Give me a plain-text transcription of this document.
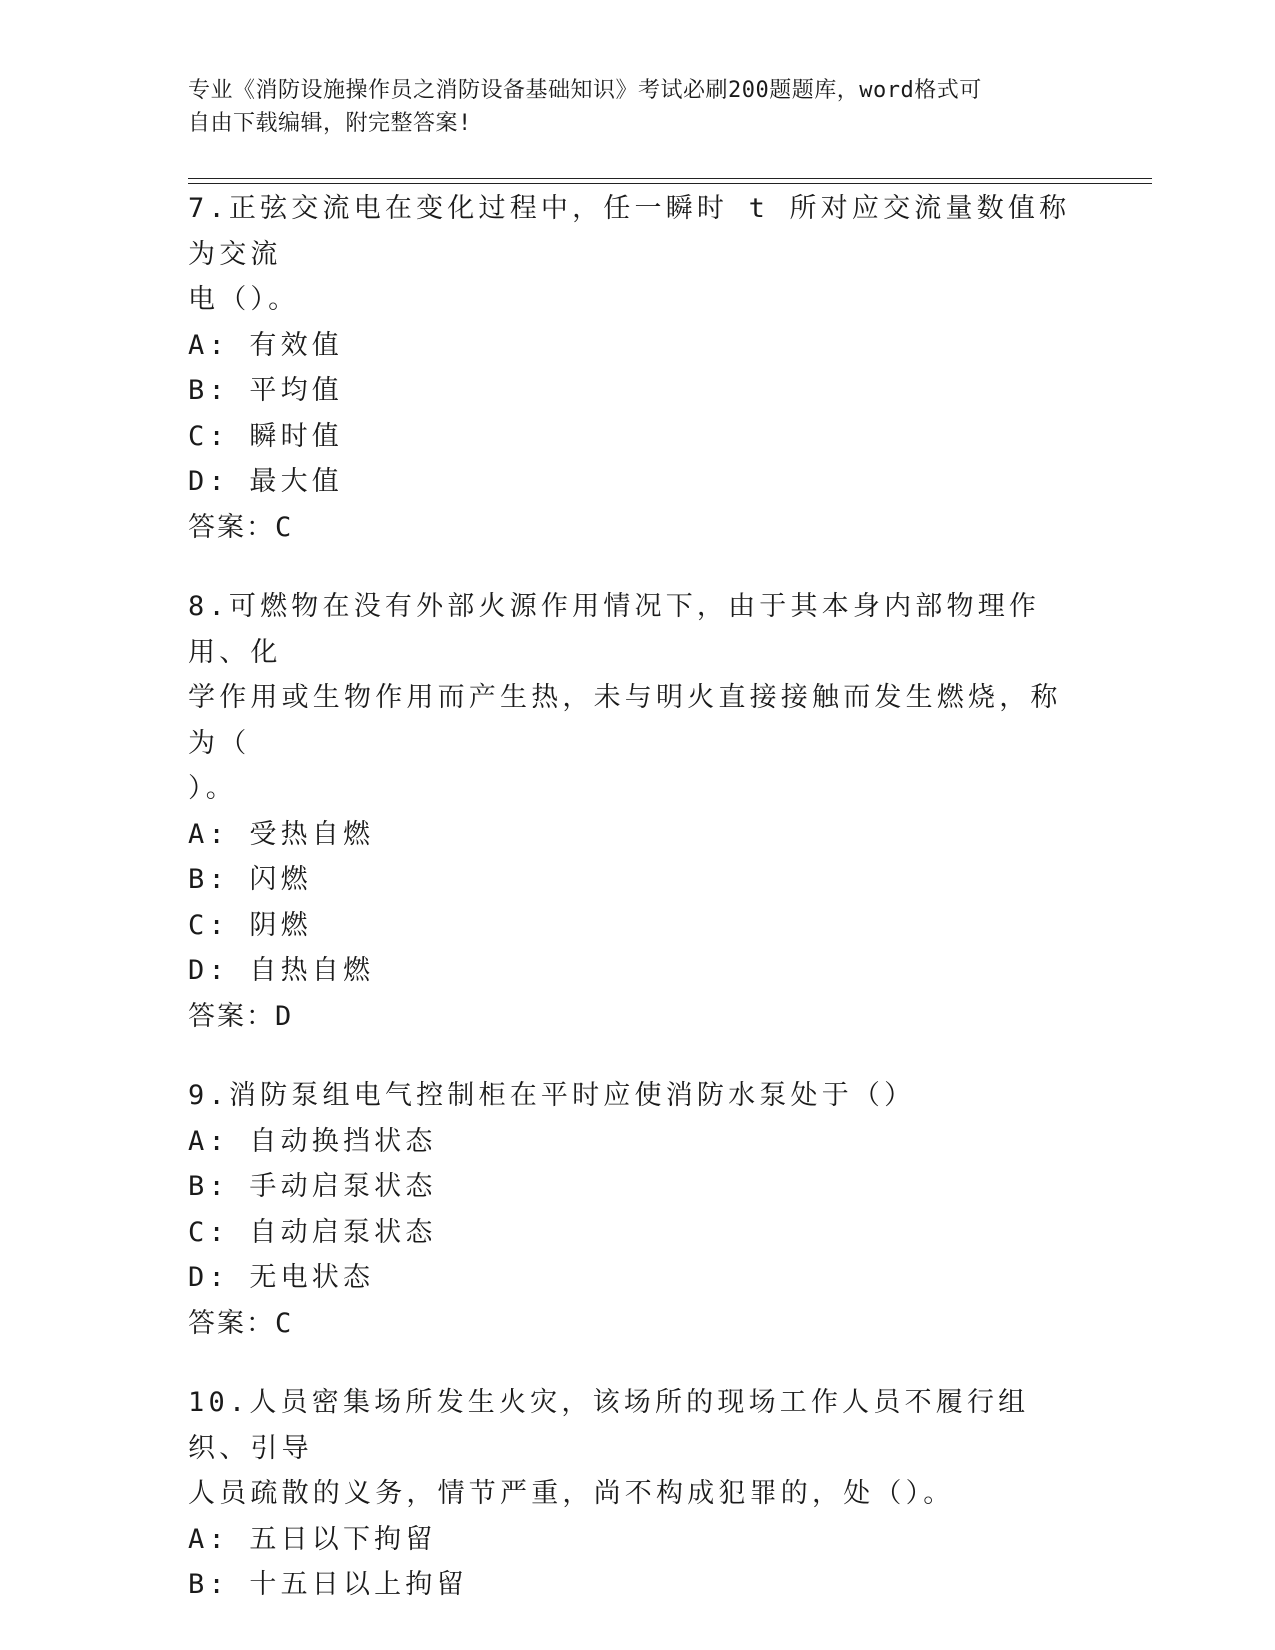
专业《消防设施操作员之消防设备基础知识》考试必刷200题题库，word格式可
自由下载编辑，附完整答案!

7.正弦交流电在变化过程中，任一瞬时 t 所对应交流量数值称为交流

电（）。

A: 有效值

B: 平均值

C: 瞬时值

D: 最大值

答案：C

8.可燃物在没有外部火源作用情况下，由于其本身内部物理作用、化

学作用或生物作用而产生热，未与明火直接接触而发生燃烧，称为（

）。

A: 受热自燃

B: 闪燃

C: 阴燃

D: 自热自燃

答案：D

9.消防泵组电气控制柜在平时应使消防水泵处于（）

A: 自动换挡状态

B: 手动启泵状态

C: 自动启泵状态

D: 无电状态

答案：C

10.人员密集场所发生火灾，该场所的现场工作人员不履行组织、引导

人员疏散的义务，情节严重，尚不构成犯罪的，处（）。

A: 五日以下拘留

B: 十五日以上拘留
